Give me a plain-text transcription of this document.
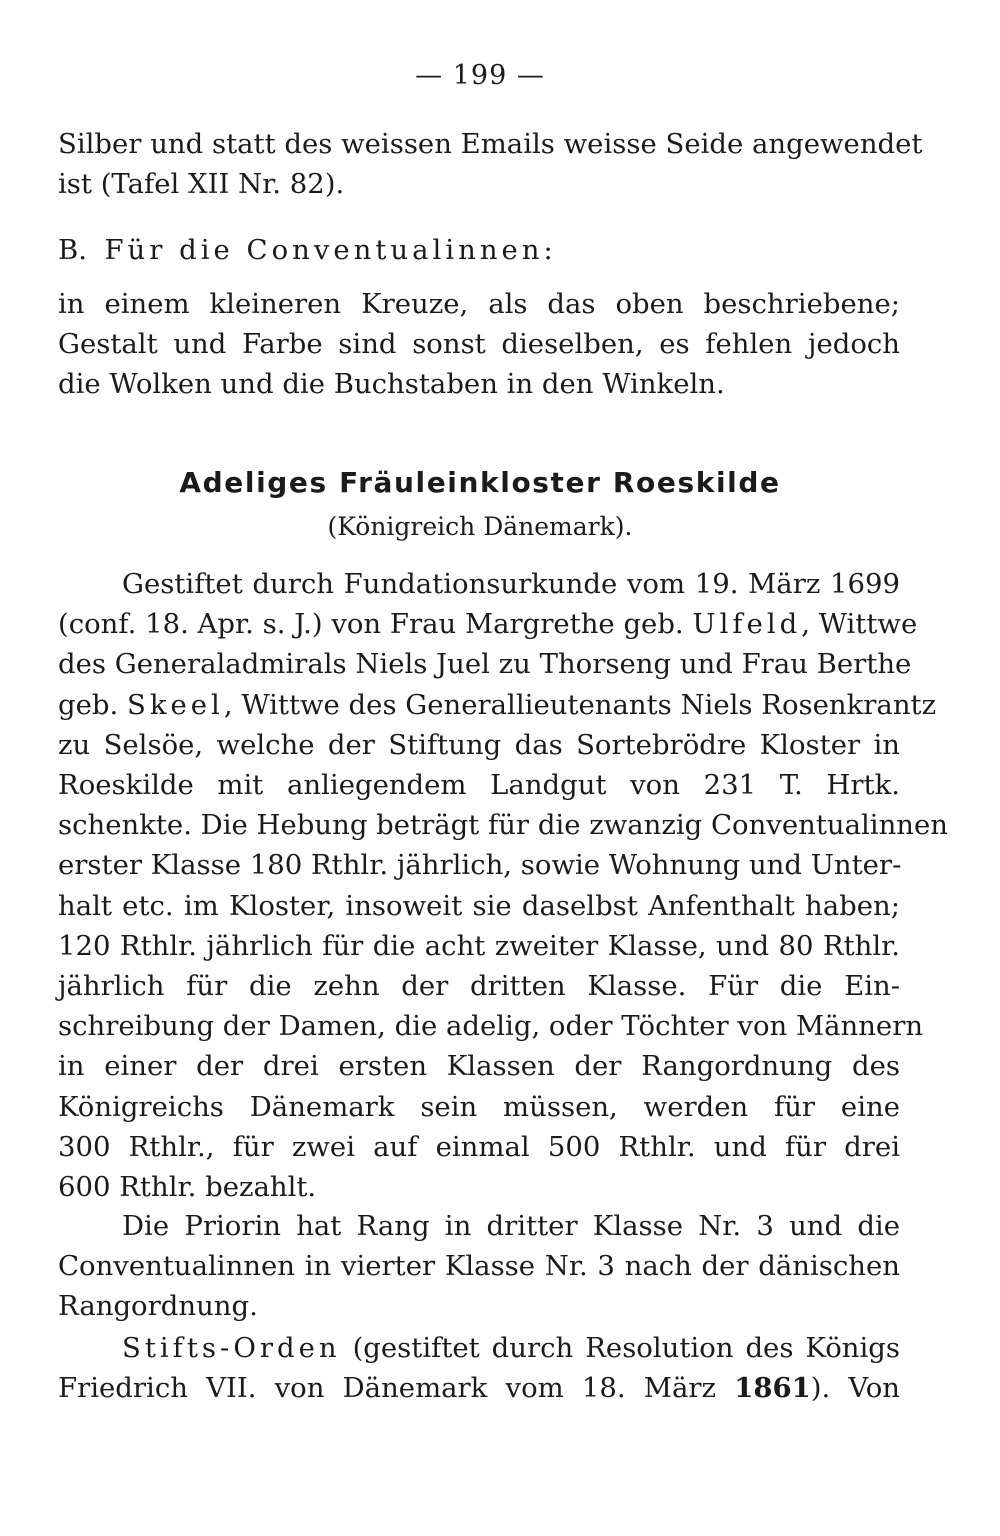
— 199 —
Silber und statt des weissen Emails weisse Seide angewendet
ist (Tafel XII Nr. 82).
B. Für die Conventualinnen:
in einem kleineren Kreuze, als das oben beschriebene;
Gestalt und Farbe sind sonst dieselben, es fehlen jedoch
die Wolken und die Buchstaben in den Winkeln.
Adeliges Fräuleinkloster Roeskilde
(Königreich Dänemark).
Gestiftet durch Fundationsurkunde vom 19. März 1699
(conf. 18. Apr. s. J.) von Frau Margrethe geb. Ulfeld, Wittwe
des Generaladmirals Niels Juel zu Thorseng und Frau Berthe
geb. Skeel, Wittwe des Generallieutenants Niels Rosenkrantz
zu Selsöe, welche der Stiftung das Sortebrödre Kloster in
Roeskilde mit anliegendem Landgut von 231 T. Hrtk.
schenkte. Die Hebung beträgt für die zwanzig Conventualinnen
erster Klasse 180 Rthlr. jährlich, sowie Wohnung und Unter-
halt etc. im Kloster, insoweit sie daselbst Anfenthalt haben;
120 Rthlr. jährlich für die acht zweiter Klasse, und 80 Rthlr.
jährlich für die zehn der dritten Klasse. Für die Ein-
schreibung der Damen, die adelig, oder Töchter von Männern
in einer der drei ersten Klassen der Rangordnung des
Königreichs Dänemark sein müssen, werden für eine
300 Rthlr., für zwei auf einmal 500 Rthlr. und für drei
600 Rthlr. bezahlt.
Die Priorin hat Rang in dritter Klasse Nr. 3 und die
Conventualinnen in vierter Klasse Nr. 3 nach der dänischen
Rangordnung.
Stifts-Orden (gestiftet durch Resolution des Königs
Friedrich VII. von Dänemark vom 18. März 1861). Von
